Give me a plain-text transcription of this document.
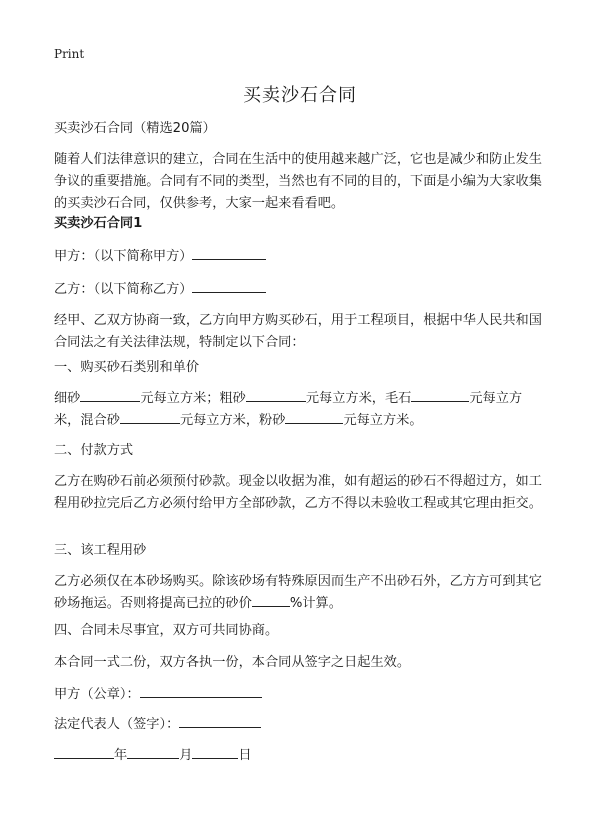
Print
买卖沙石合同

买卖沙石合同（精选20篇）

随着人们法律意识的建立，合同在生活中的使用越来越广泛，它也是减少和防止发生争议的重要措施。合同有不同的类型，当然也有不同的目的，下面是小编为大家收集的买卖沙石合同，仅供参考，大家一起来看看吧。

买卖沙石合同1

甲方：（以下简称甲方）

乙方：（以下简称乙方）

经甲、乙双方协商一致，乙方向甲方购买砂石，用于工程项目，根据中华人民共和国合同法之有关法律法规，特制定以下合同：

一、购买砂石类别和单价

细砂	元每立方米；粗砂	元每立方米，毛石	元每立方

米，混合砂	元每立方米，粉砂	元每立方米。

二、付款方式

乙方在购砂石前必须预付砂款。现金以收据为准，如有超运的砂石不得超过方，如工程用砂拉完后乙方必须付给甲方全部砂款，乙方不得以未验收工程或其它理由拒交。

三、该工程用砂

乙方必须仅在本砂场购买。除该砂场有特殊原因而生产不出砂石外，乙方方可到其它砂场拖运。否则将提高已拉的砂价	%计算。

四、合同未尽事宜，双方可共同协商。

本合同一式二份，双方各执一份，本合同从签字之日起生效。

甲方（公章）：

法定代表人（签字）：

年	月	日
